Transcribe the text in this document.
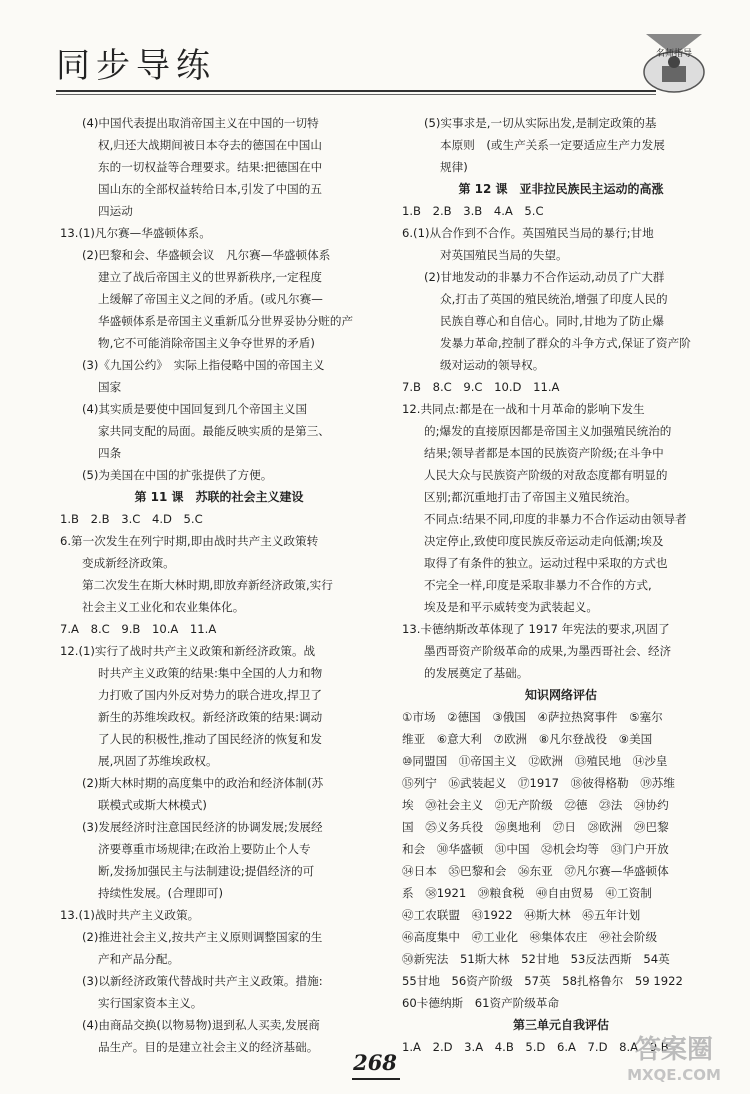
同步导练	名师指导
(4)中国代表提出取消帝国主义在中国的一切特
权,归还大战期间被日本夺去的德国在中国山
东的一切权益等合理要求。结果:把德国在中
国山东的全部权益转给日本,引发了中国的五
四运动
13.(1)凡尔赛—华盛顿体系。
(2)巴黎和会、华盛顿会议　凡尔赛—华盛顿体系
建立了战后帝国主义的世界新秩序,一定程度
上缓解了帝国主义之间的矛盾。(或凡尔赛—
华盛顿体系是帝国主义重新瓜分世界妥协分赃的产
物,它不可能消除帝国主义争夺世界的矛盾)
(3)《九国公约》　实际上指侵略中国的帝国主义
国家
(4)其实质是要使中国回复到几个帝国主义国
家共同支配的局面。最能反映实质的是第三、
四条
(5)为美国在中国的扩张提供了方便。
第 11 课　苏联的社会主义建设
1.B　2.B　3.C　4.D　5.C
6.第一次发生在列宁时期,即由战时共产主义政策转
变成新经济政策。
第二次发生在斯大林时期,即放弃新经济政策,实行
社会主义工业化和农业集体化。
7.A　8.C　9.B　10.A　11.A
12.(1)实行了战时共产主义政策和新经济政策。战
时共产主义政策的结果:集中全国的人力和物
力打败了国内外反对势力的联合进攻,捍卫了
新生的苏维埃政权。新经济政策的结果:调动
了人民的积极性,推动了国民经济的恢复和发
展,巩固了苏维埃政权。
(2)斯大林时期的高度集中的政治和经济体制(苏
联模式或斯大林模式)
(3)发展经济时注意国民经济的协调发展;发展经
济要尊重市场规律;在政治上要防止个人专
断,发扬加强民主与法制建设;提倡经济的可
持续性发展。(合理即可)
13.(1)战时共产主义政策。
(2)推进社会主义,按共产主义原则调整国家的生
产和产品分配。
(3)以新经济政策代替战时共产主义政策。措施:
实行国家资本主义。
(4)由商品交换(以物易物)退到私人买卖,发展商
品生产。目的是建立社会主义的经济基础。
(5)实事求是,一切从实际出发,是制定政策的基
本原则　(或生产关系一定要适应生产力发展
规律)
第 12 课　亚非拉民族民主运动的高涨
1.B　2.B　3.B　4.A　5.C
6.(1)从合作到不合作。英国殖民当局的暴行;甘地
对英国殖民当局的失望。
(2)甘地发动的非暴力不合作运动,动员了广大群
众,打击了英国的殖民统治,增强了印度人民的
民族自尊心和自信心。同时,甘地为了防止爆
发暴力革命,控制了群众的斗争方式,保证了资产阶
级对运动的领导权。
7.B　8.C　9.C　10.D　11.A
12.共同点:都是在一战和十月革命的影响下发生
的;爆发的直接原因都是帝国主义加强殖民统治的
结果;领导者都是本国的民族资产阶级;在斗争中
人民大众与民族资产阶级的对敌态度都有明显的
区别;都沉重地打击了帝国主义殖民统治。
不同点:结果不同,印度的非暴力不合作运动由领导者
决定停止,致使印度民族反帝运动走向低潮;埃及
取得了有条件的独立。运动过程中采取的方式也
不完全一样,印度是采取非暴力不合作的方式,
埃及是和平示威转变为武装起义。
13.卡德纳斯改革体现了 1917 年宪法的要求,巩固了
墨西哥资产阶级革命的成果,为墨西哥社会、经济
的发展奠定了基础。
知识网络评估
①市场　②德国　③俄国　④萨拉热窝事件　⑤塞尔
维亚　⑥意大利　⑦欧洲　⑧凡尔登战役　⑨美国
⑩同盟国　⑪帝国主义　⑫欧洲　⑬殖民地　⑭沙皇
⑮列宁　⑯武装起义　⑰1917　⑱彼得格勒　⑲苏维
埃　⑳社会主义　㉑无产阶级　㉒德　㉓法　㉔协约
国　㉕义务兵役　㉖奥地利　㉗日　㉘欧洲　㉙巴黎
和会　㉚华盛顿　㉛中国　㉜机会均等　㉝门户开放
㉞日本　㉟巴黎和会　㊱东亚　㊲凡尔赛—华盛顿体
系　㊳1921　㊴粮食税　㊵自由贸易　㊶工资制
㊷工农联盟　㊸1922　㊹斯大林　㊺五年计划
㊻高度集中　㊼工业化　㊽集体农庄　㊾社会阶级
㊿新宪法　51斯大林　52甘地　53反法西斯　54英
55甘地　56资产阶级　57英　58扎格鲁尔　59 1922
60卡德纳斯　61资产阶级革命
第三单元自我评估
1.A　2.D　3.A　4.B　5.D　6.A　7.D　8.A　9.B
268	答案圈
MXQE.COM
